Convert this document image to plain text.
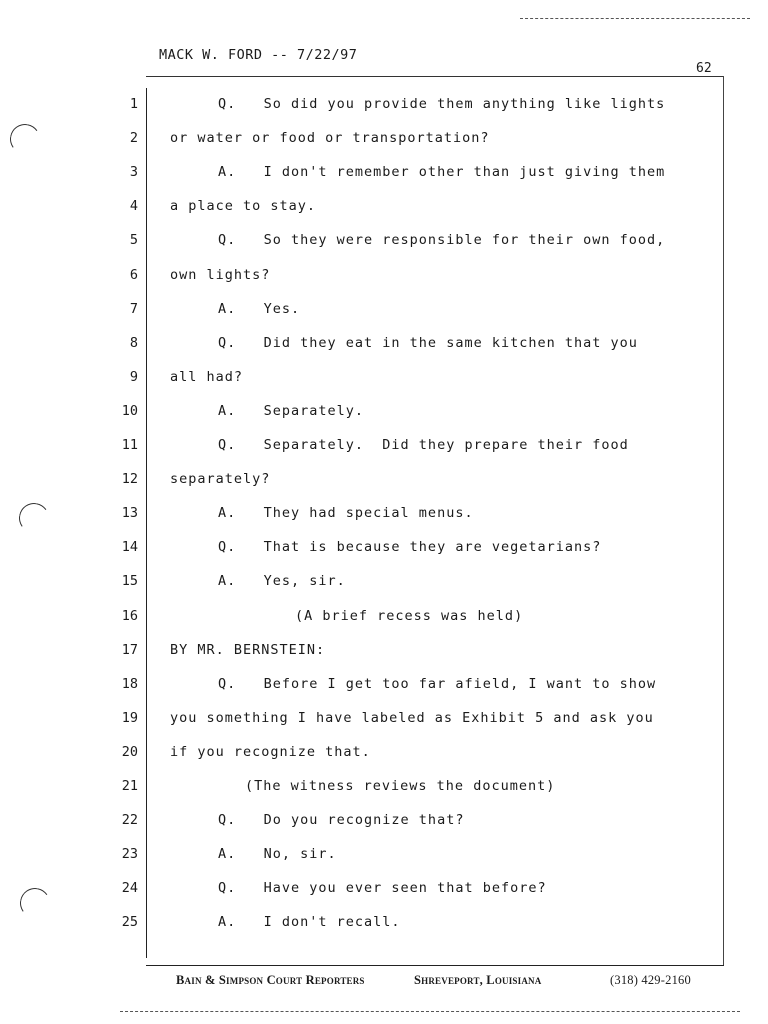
MACK W. FORD -- 7/22/97
62
1	Q.   So did you provide them anything like lights
2 or water or food or transportation?
3	A.   I don't remember other than just giving them
4 a place to stay.
5	Q.   So they were responsible for their own food,
6 own lights?
7	A.   Yes.
8	Q.   Did they eat in the same kitchen that you
9 all had?
10	A.   Separately.
11	Q.   Separately.  Did they prepare their food
12 separately?
13	A.   They had special menus.
14	Q.   That is because they are vegetarians?
15	A.   Yes, sir.
16	(A brief recess was held)
17 BY MR. BERNSTEIN:
18	Q.   Before I get too far afield, I want to show
19 you something I have labeled as Exhibit 5 and ask you
20 if you recognize that.
21	(The witness reviews the document)
22	Q.   Do you recognize that?
23	A.   No, sir.
24	Q.   Have you ever seen that before?
25	A.   I don't recall.
Bain & Simpson Court Reporters	Shreveport, Louisiana	(318) 429-2160
